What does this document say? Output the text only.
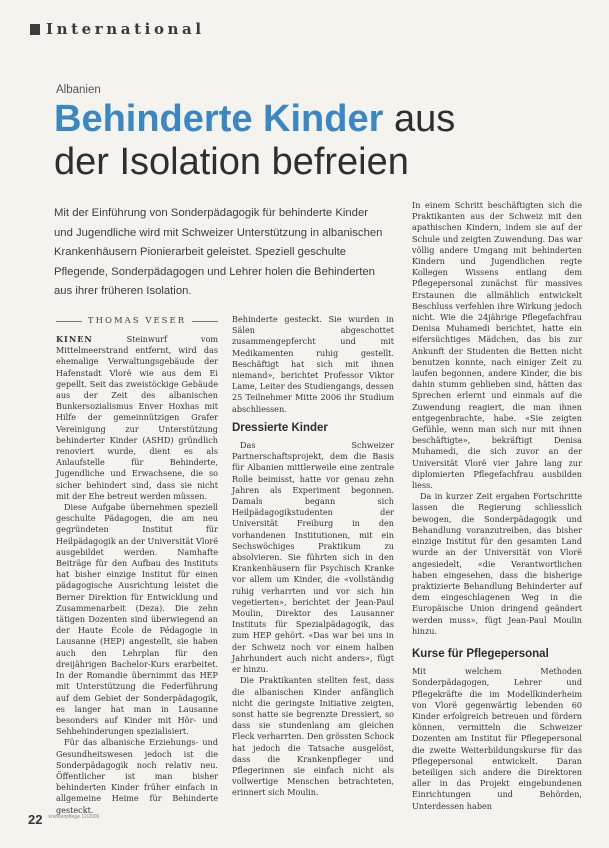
International
Albanien
Behinderte Kinder aus
der Isolation befreien

Mit der Einführung von Sonderpädagogik für behinderte Kinder und Jugendliche wird mit Schweizer Unterstützung in albanischen Krankenhäusern Pionierarbeit geleistet. Speziell geschulte Pflegende, Sonderpädagogen und Lehrer holen die Behinderten aus ihrer früheren Isolation.

THOMAS VESER

KINEN Steinwurf vom Mittelmeerstrand entfernt, wird das ehemalige Verwaltungsgebäude der Hafenstadt Vlorë wie aus dem Ei gepellt. Seit das zweistöckige Gebäude aus der Zeit des albanischen Bunkersozialismus Enver Hoxhas mit Hilfe der gemeinnützigen Grafer Vereinigung zur Unterstützung behinderter Kinder (ASHD) gründlich renoviert wurde, dient es als Anlaufstelle für Behinderte, Jugendliche und Erwachsene, die so sicher behindert sind, dass sie nicht mit der Ehe betreut werden müssen.

Diese Aufgabe übernehmen speziell geschulte Pädagogen, die am neu gegründeten Institut für Heilpädagogik an der Universität Vlorë ausgebildet werden. Namhafte Beiträge für den Aufbau des Instituts hat bisher einzige Institut für einen pädagogische Ausrichtung leistet die Berner Direktion für Entwicklung und Zusammenarbeit (Deza). Die zehn tätigen Dozenten sind überwiegend an der Haute École de Pédagogie in Lausanne (HEP) angestellt, sie haben auch den Lehrplan für den dreijährigen Bachelor-Kurs erarbeitet. In der Romandie übernimmt das HEP mit Unterstützung die Federführung auf dem Gebiet der Sonderpädagogik, es langer hat man in Lausanne besonders auf Kinder mit Hör- und Sehbehinderungen spezialisiert.

Für das albanische Erziehungs- und Gesundheitswesen jedoch ist die Sonderpädagogik noch relativ neu. Öffentlicher ist man bisher behinderten Kinder früher einfach in allgemeine Heime für Behinderte gesteckt.

Behinderte gesteckt. Sie wurden in Sälen abgeschottet zusammengepfercht und mit Medikamenten ruhig gestellt. Beschäftigt hat sich mit ihnen niemand», berichtet Professor Viktor Lame, Leiter des Studiengangs, dessen 25 Teilnehmer Mitte 2006 ihr Studium abschliessen.

Dressierte Kinder

Das Schweizer Partnerschaftsprojekt, dem die Basis für Albanien mittlerweile eine zentrale Rolle beimisst, hatte vor genau zehn Jahren als Experiment begonnen. Damals begann sich Heilpädagogikstudenten der Universität Freiburg in den vorhandenen Institutionen, mit ein Sechswöchiges Praktikum zu absolvieren. Sie führten sich in den Krankenhäusern für Psychisch Kranke vor allem um Kinder, die «vollständig ruhig verharrten und vor sich hin vegetierten», berichtet der Jean-Paul Moulin, Direktor des Lausanner Instituts für Spezialpädagogik, das zum HEP gehört. «Das war bei uns in der Schweiz noch vor einem halben Jahrhundert auch nicht anders», fügt er hinzu.

Die Praktikanten stellten fest, dass die albanischen Kinder anfänglich nicht die geringste Initiative zeigten, sonst hatte sie begrenzte Dressiert, so dass sie stundenlang am gleichen Fleck verharrten. Den grössten Schock hat jedoch die Tatsache ausgelöst, dass die Krankenpfleger und Pflegerinnen sie einfach nicht als vollwertige Menschen betrachteten, erinnert sich Moulin.

In einem Schritt beschäftigten sich die Praktikanten aus der Schweiz mit den apathischen Kindern, indem sie auf der Schule und zeigten Zuwendung. Das war völlig andere Umgang mit behinderten Kindern und Jugendlichen regte Kollegen Wissens entlang dem Pflegepersonal zunächst für massives Erstaunen die allmählich entwickelt Beschluss verfehlen ihre Wirkung jedoch nicht. Wie die 24jährige Pflegefachfrau Denisa Muhamedi berichtet, hatte ein eifersüchtiges Mädchen, das bis zur Ankunft der Studenten die Betten nicht benutzen konnte, nach einiger Zeit zu laufen begonnen, andere Kinder, die bis dahin stumm geblieben sind, hätten das Sprechen erlernt und einmals auf die Zuwendung reagiert, die man ihnen entgegenbrachte, habe. «Sie zeigten Gefühle, wenn man sich nur mit ihnen beschäftigte», bekräftigt Denisa Muhamedi, die sich zuvor an der Universität Vlorë vier Jahre lang zur diplomierten Pflegefachfrau ausbilden liess.

Da in kurzer Zeit ergaben Fortschritte lassen die Regierung schliesslich bewogen, die Sonderpädagogik und Behandlung voranzutreiben, das bisher einzige Institut für den gesamten Land wurde an der Universität von Vlorë angesiedelt, «die Verantwortlichen haben eingesehen, dass die bisherige praktizierte Behandlung Behinderter auf dem eingeschlagenen Weg in die Europäische Union dringend geändert werden muss», fügt Jean-Paul Moulin hinzu.

Kurse für Pflegepersonal

Mit welchem Methoden Sonderpädagogen, Lehrer und Pflegekräfte die im Modellkinderheim von Vlorë gegenwärtig lebenden 60 Kinder erfolgreich betreuen und fördern können, vermitteln die Schweizer Dozenten am Institut für Pflegepersonal die zweite Weiterbildungskurse für das Pflegepersonal entwickelt. Daran beteiligen sich andere die Direktoren aller in das Projekt eingebundenen Einrichtungen und Behörden, Unterdessen haben

22 krankenpflege 12/2006
